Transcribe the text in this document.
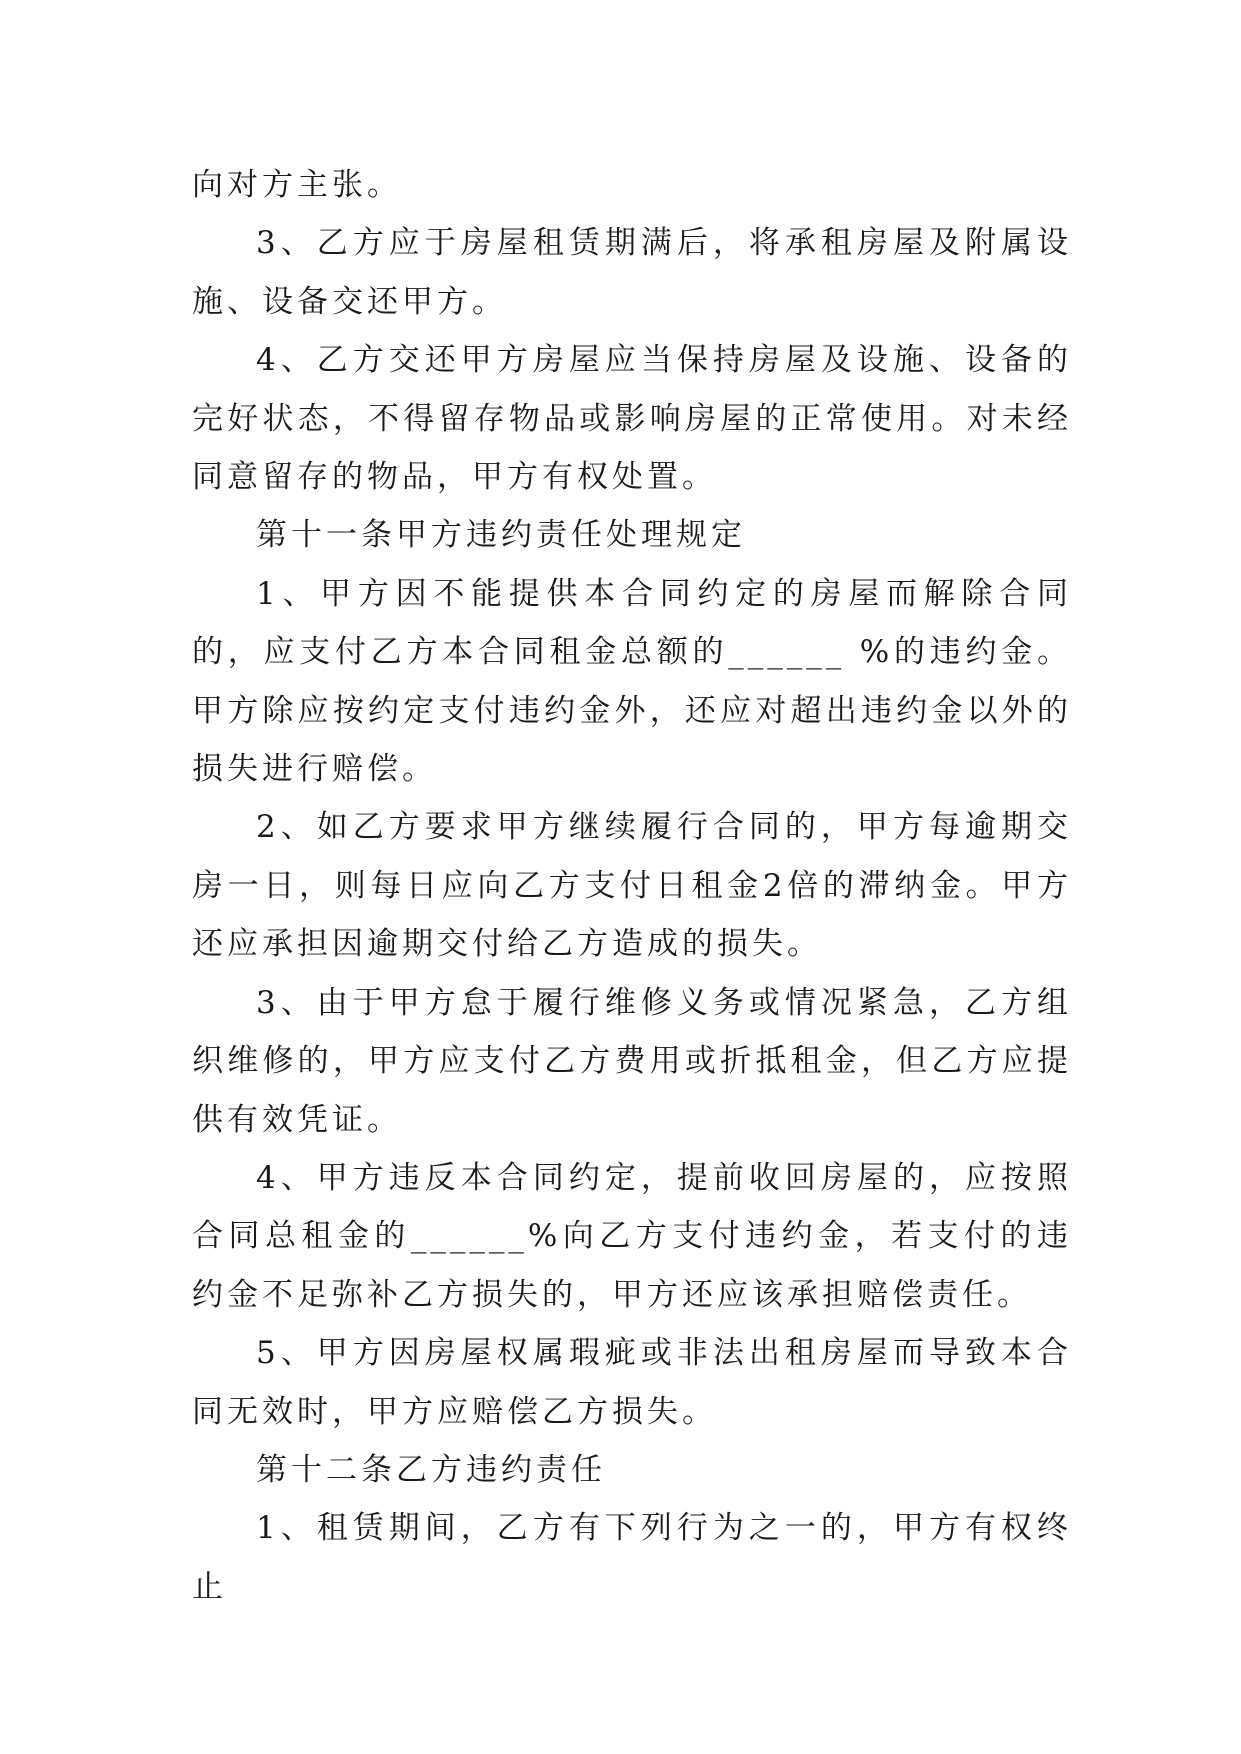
向对方主张。

3、乙方应于房屋租赁期满后，将承租房屋及附属设施、设备交还甲方。

4、乙方交还甲方房屋应当保持房屋及设施、设备的完好状态，不得留存物品或影响房屋的正常使用。对未经同意留存的物品，甲方有权处置。

第十一条甲方违约责任处理规定

1、甲方因不能提供本合同约定的房屋而解除合同的，应支付乙方本合同租金总额的______ %的违约金。甲方除应按约定支付违约金外，还应对超出违约金以外的损失进行赔偿。

2、如乙方要求甲方继续履行合同的，甲方每逾期交房一日，则每日应向乙方支付日租金2倍的滞纳金。甲方还应承担因逾期交付给乙方造成的损失。

3、由于甲方怠于履行维修义务或情况紧急，乙方组织维修的，甲方应支付乙方费用或折抵租金，但乙方应提供有效凭证。

4、甲方违反本合同约定，提前收回房屋的，应按照合同总租金的______%向乙方支付违约金，若支付的违约金不足弥补乙方损失的，甲方还应该承担赔偿责任。

5、甲方因房屋权属瑕疵或非法出租房屋而导致本合同无效时，甲方应赔偿乙方损失。

第十二条乙方违约责任

1、租赁期间，乙方有下列行为之一的，甲方有权终止
